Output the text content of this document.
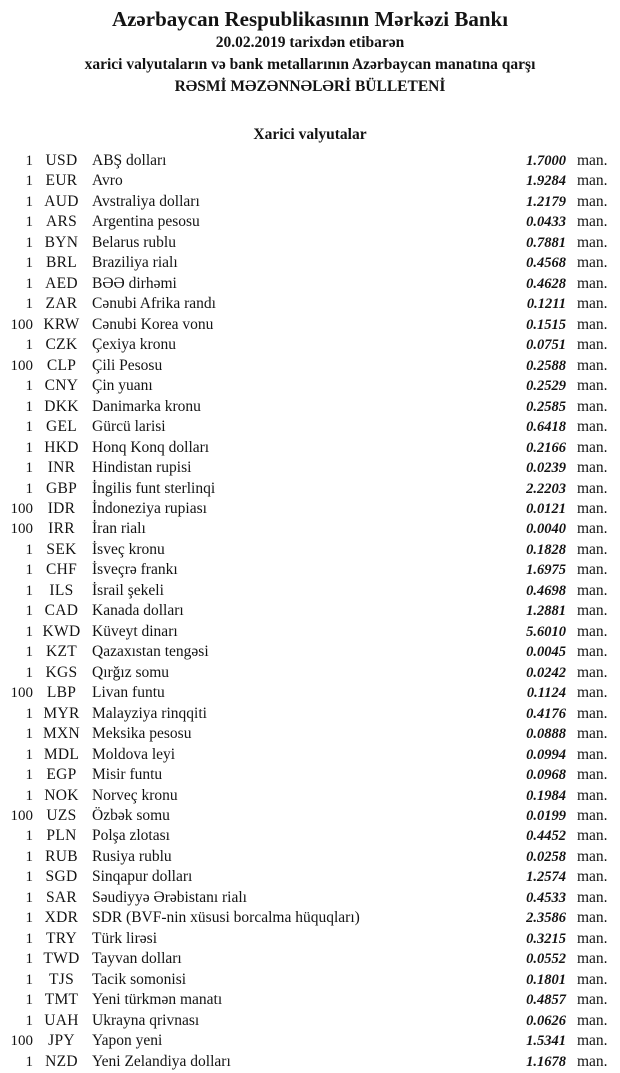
Azərbaycan Respublikasının Mərkəzi Bankı
20.02.2019 tarixdən etibarən
xarici valyutaların və bank metallarının Azərbaycan manatına qarşı
RƏSMİ MƏZƏNNƏLƏRİ BÜLLETENİ
Xarici valyutalar
1 USD ABŞ dolları	1.7000 man.
1 EUR Avro	1.9284 man.
1 AUD Avstraliya dolları	1.2179 man.
1 ARS Argentina pesosu	0.0433 man.
1 BYN Belarus rublu	0.7881 man.
1 BRL Braziliya rialı	0.4568 man.
1 AED BƏƏ dirhəmi	0.4628 man.
1 ZAR Cənubi Afrika randı	0.1211 man.
100 KRW Cənubi Korea vonu	0.1515 man.
1 CZK Çexiya kronu	0.0751 man.
100 CLP	Çili Pesosu	0.2588 man.
1 CNY Çin yuanı	0.2529 man.
1 DKK Danimarka kronu	0.2585 man.
1 GEL Gürcü larisi	0.6418 man.
1 HKD Honq Konq dolları	0.2166 man.
1 INR	Hindistan rupisi	0.0239 man.
1 GBP İngilis funt sterlinqi	2.2203 man.
100 IDR	İndoneziya rupiası	0.0121 man.
100 IRR	İran rialı	0.0040 man.
1 SEK İsveç kronu	0.1828 man.
1 CHF İsveçrə frankı	1.6975 man.
1	ILS	İsrail şekeli	0.4698 man.
1 CAD Kanada dolları	1.2881 man.
1 KWD Küveyt dinarı	5.6010 man.
1 KZT Qazaxıstan tengəsi	0.0045 man.
1 KGS Qırğız somu	0.0242 man.
100 LBP	Livan funtu	0.1124 man.
1 MYR Malayziya rinqqiti	0.4176 man.
1 MXN Meksika pesosu	0.0888 man.
1 MDL Moldova leyi	0.0994 man.
1 EGP Misir funtu	0.0968 man.
1 NOK Norveç kronu	0.1984 man.
100 UZS Özbək somu	0.0199 man.
1 PLN Polşa zlotası	0.4452 man.
1 RUB Rusiya rublu	0.0258 man.
1 SGD Sinqapur dolları	1.2574 man.
1 SAR Səudiyyə Ərəbistanı rialı	0.4533 man.
1 XDR SDR (BVF-nin xüsusi borcalma hüquqları)	2.3586 man.
1 TRY Türk lirəsi	0.3215 man.
1 TWD Tayvan dolları	0.0552 man.
1	TJS	Tacik somonisi	0.1801 man.
1 TMT Yeni türkmən manatı	0.4857 man.
1 UAH Ukrayna qrivnası	0.0626 man.
100 JPY	Yapon yeni	1.5341 man.
1 NZD Yeni Zelandiya dolları	1.1678 man.
